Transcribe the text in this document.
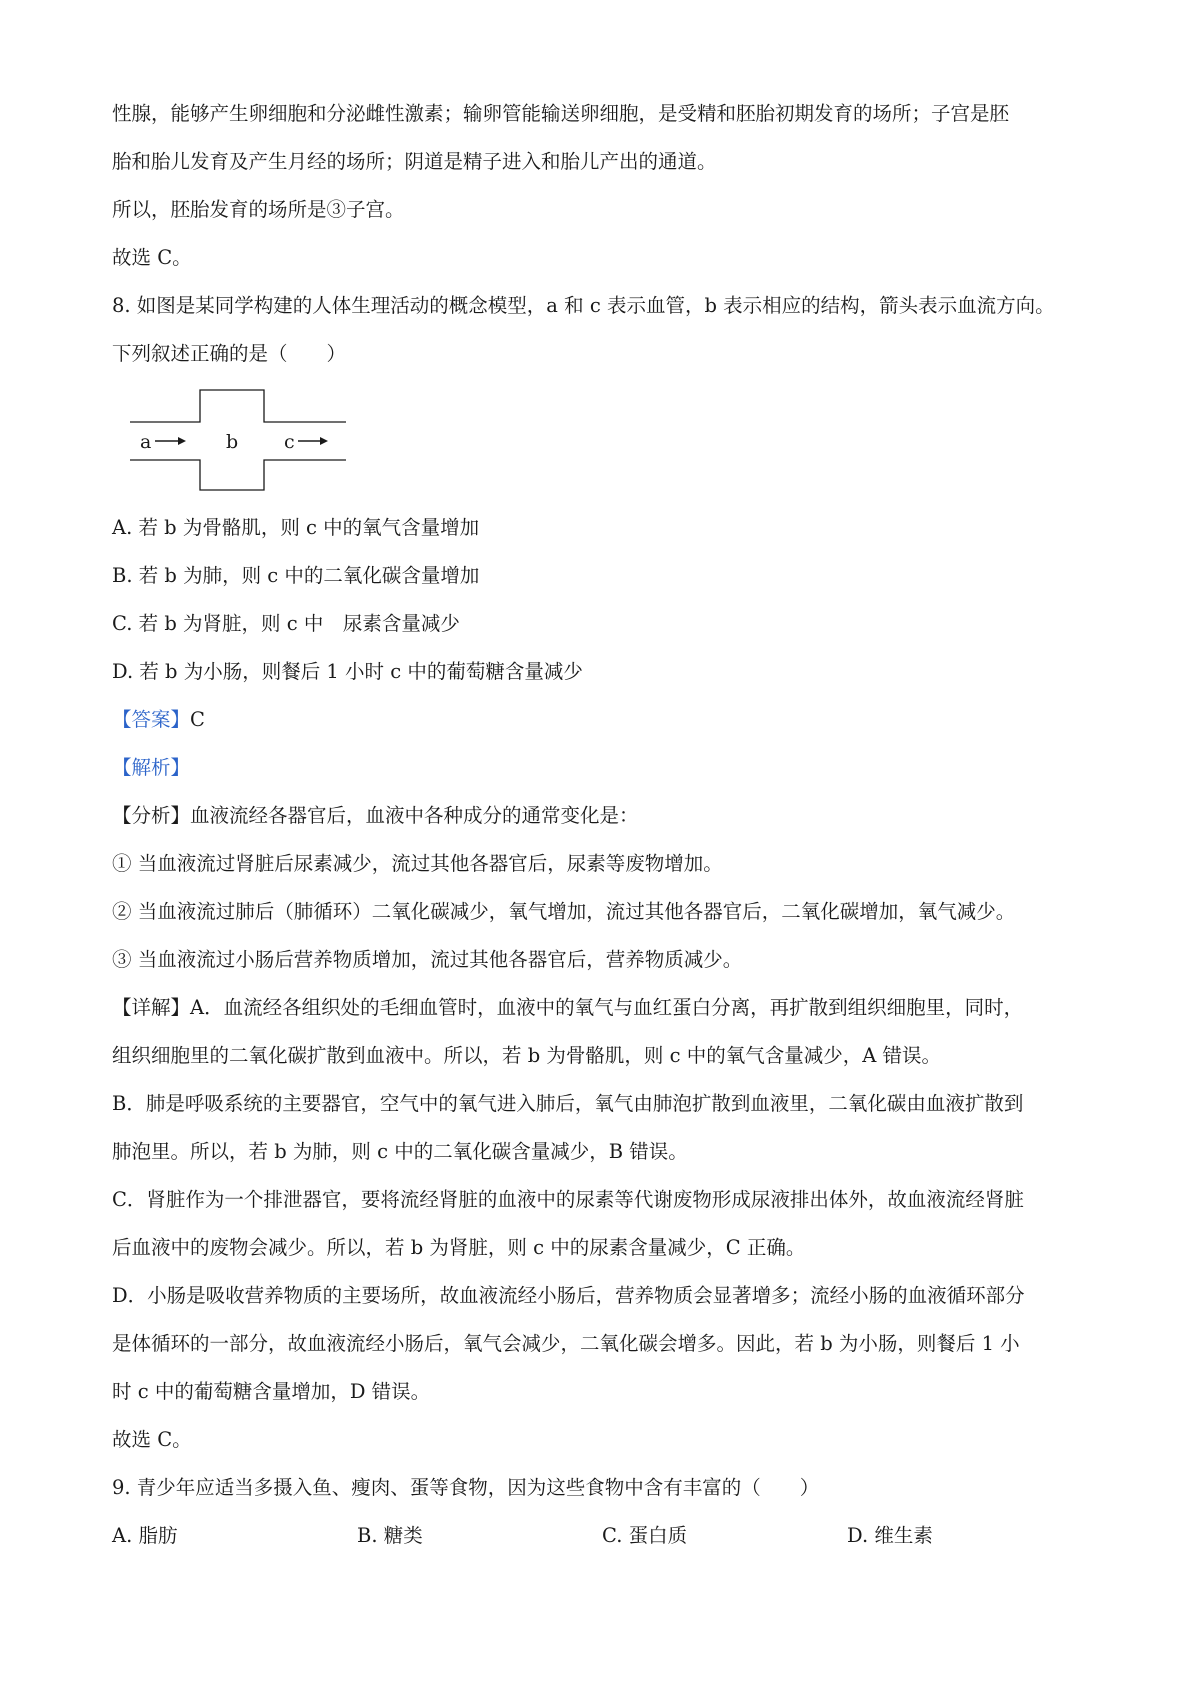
性腺，能够产生卵细胞和分泌雌性激素；输卵管能输送卵细胞，是受精和胚胎初期发育的场所；子宫是胚

胎和胎儿发育及产生月经的场所；阴道是精子进入和胎儿产出的通道。

所以，胚胎发育的场所是③子宫。

故选 C。

8. 如图是某同学构建的人体生理活动的概念模型，a 和 c 表示血管，b 表示相应的结构，箭头表示血流方向。

下列叙述正确的是（　　）

a	b c

A. 若 b 为骨骼肌，则 c 中的氧气含量增加

B. 若 b 为肺，则 c 中的二氧化碳含量增加

C. 若 b 为肾脏，则 c 中　尿素含量减少

D. 若 b 为小肠，则餐后 1 小时 c 中的葡萄糖含量减少

【答案】C

【解析】

【分析】血液流经各器官后，血液中各种成分的通常变化是：

① 当血液流过肾脏后尿素减少，流过其他各器官后，尿素等废物增加。

② 当血液流过肺后（肺循环）二氧化碳减少，氧气增加，流过其他各器官后，二氧化碳增加，氧气减少。

③ 当血液流过小肠后营养物质增加，流过其他各器官后，营养物质减少。

【详解】A．血流经各组织处的毛细血管时，血液中的氧气与血红蛋白分离，再扩散到组织细胞里，同时，

组织细胞里的二氧化碳扩散到血液中。所以，若 b 为骨骼肌，则 c 中的氧气含量减少，A 错误。

B．肺是呼吸系统的主要器官，空气中的氧气进入肺后，氧气由肺泡扩散到血液里，二氧化碳由血液扩散到

肺泡里。所以，若 b 为肺，则 c 中的二氧化碳含量减少，B 错误。

C．肾脏作为一个排泄器官，要将流经肾脏的血液中的尿素等代谢废物形成尿液排出体外，故血液流经肾脏

后血液中的废物会减少。所以，若 b 为肾脏，则 c 中的尿素含量减少，C 正确。

D．小肠是吸收营养物质的主要场所，故血液流经小肠后，营养物质会显著增多；流经小肠的血液循环部分

是体循环的一部分，故血液流经小肠后，氧气会减少，二氧化碳会增多。因此，若 b 为小肠，则餐后 1 小

时 c 中的葡萄糖含量增加，D 错误。

故选 C。

9. 青少年应适当多摄入鱼、瘦肉、蛋等食物，因为这些食物中含有丰富的（　　）

A. 脂肪	B. 糖类	C. 蛋白质	D. 维生素
